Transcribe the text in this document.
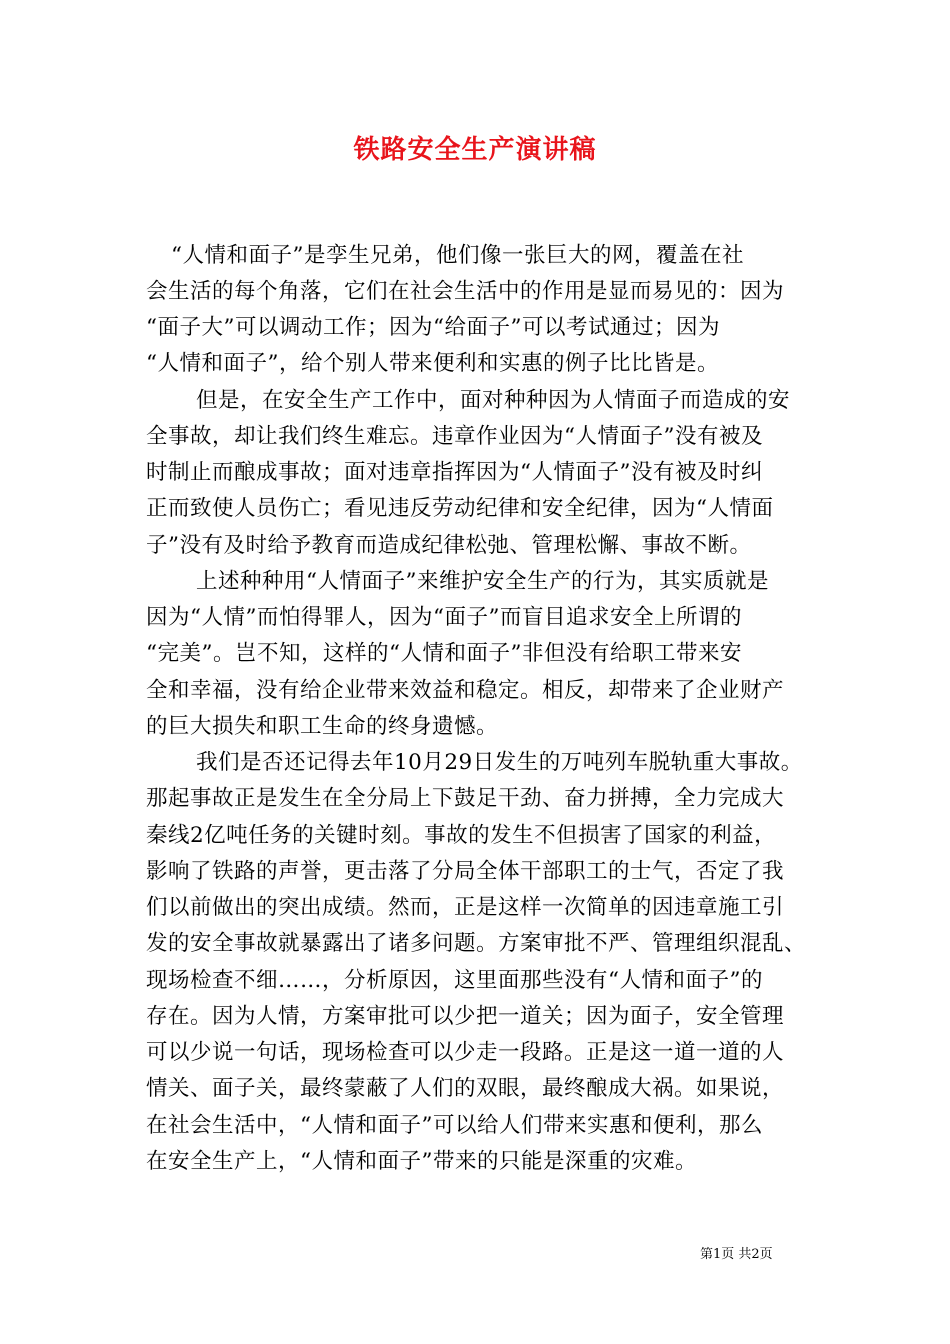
铁路安全生产演讲稿
“人情和面子”是孪生兄弟，他们像一张巨大的网，覆盖在社
会生活的每个角落，它们在社会生活中的作用是显而易见的：因为
“面子大”可以调动工作；因为“给面子”可以考试通过；因为
“人情和面子”，给个别人带来便利和实惠的例子比比皆是。
但是，在安全生产工作中，面对种种因为人情面子而造成的安
全事故，却让我们终生难忘。违章作业因为“人情面子”没有被及
时制止而酿成事故；面对违章指挥因为“人情面子”没有被及时纠
正而致使人员伤亡；看见违反劳动纪律和安全纪律，因为“人情面
子”没有及时给予教育而造成纪律松弛、管理松懈、事故不断。
上述种种用“人情面子”来维护安全生产的行为，其实质就是
因为“人情”而怕得罪人，因为“面子”而盲目追求安全上所谓的
“完美”。岂不知，这样的“人情和面子”非但没有给职工带来安
全和幸福，没有给企业带来效益和稳定。相反，却带来了企业财产
的巨大损失和职工生命的终身遗憾。
我们是否还记得去年10月29日发生的万吨列车脱轨重大事故。
那起事故正是发生在全分局上下鼓足干劲、奋力拼搏，全力完成大
秦线2亿吨任务的关键时刻。事故的发生不但损害了国家的利益，
影响了铁路的声誉，更击落了分局全体干部职工的士气，否定了我
们以前做出的突出成绩。然而，正是这样一次简单的因违章施工引
发的安全事故就暴露出了诸多问题。方案审批不严、管理组织混乱、
现场检查不细……，分析原因，这里面那些没有“人情和面子”的
存在。因为人情，方案审批可以少把一道关；因为面子，安全管理
可以少说一句话，现场检查可以少走一段路。正是这一道一道的人
情关、面子关，最终蒙蔽了人们的双眼，最终酿成大祸。如果说，
在社会生活中，“人情和面子”可以给人们带来实惠和便利，那么
在安全生产上，“人情和面子”带来的只能是深重的灾难。
第1页 共2页
